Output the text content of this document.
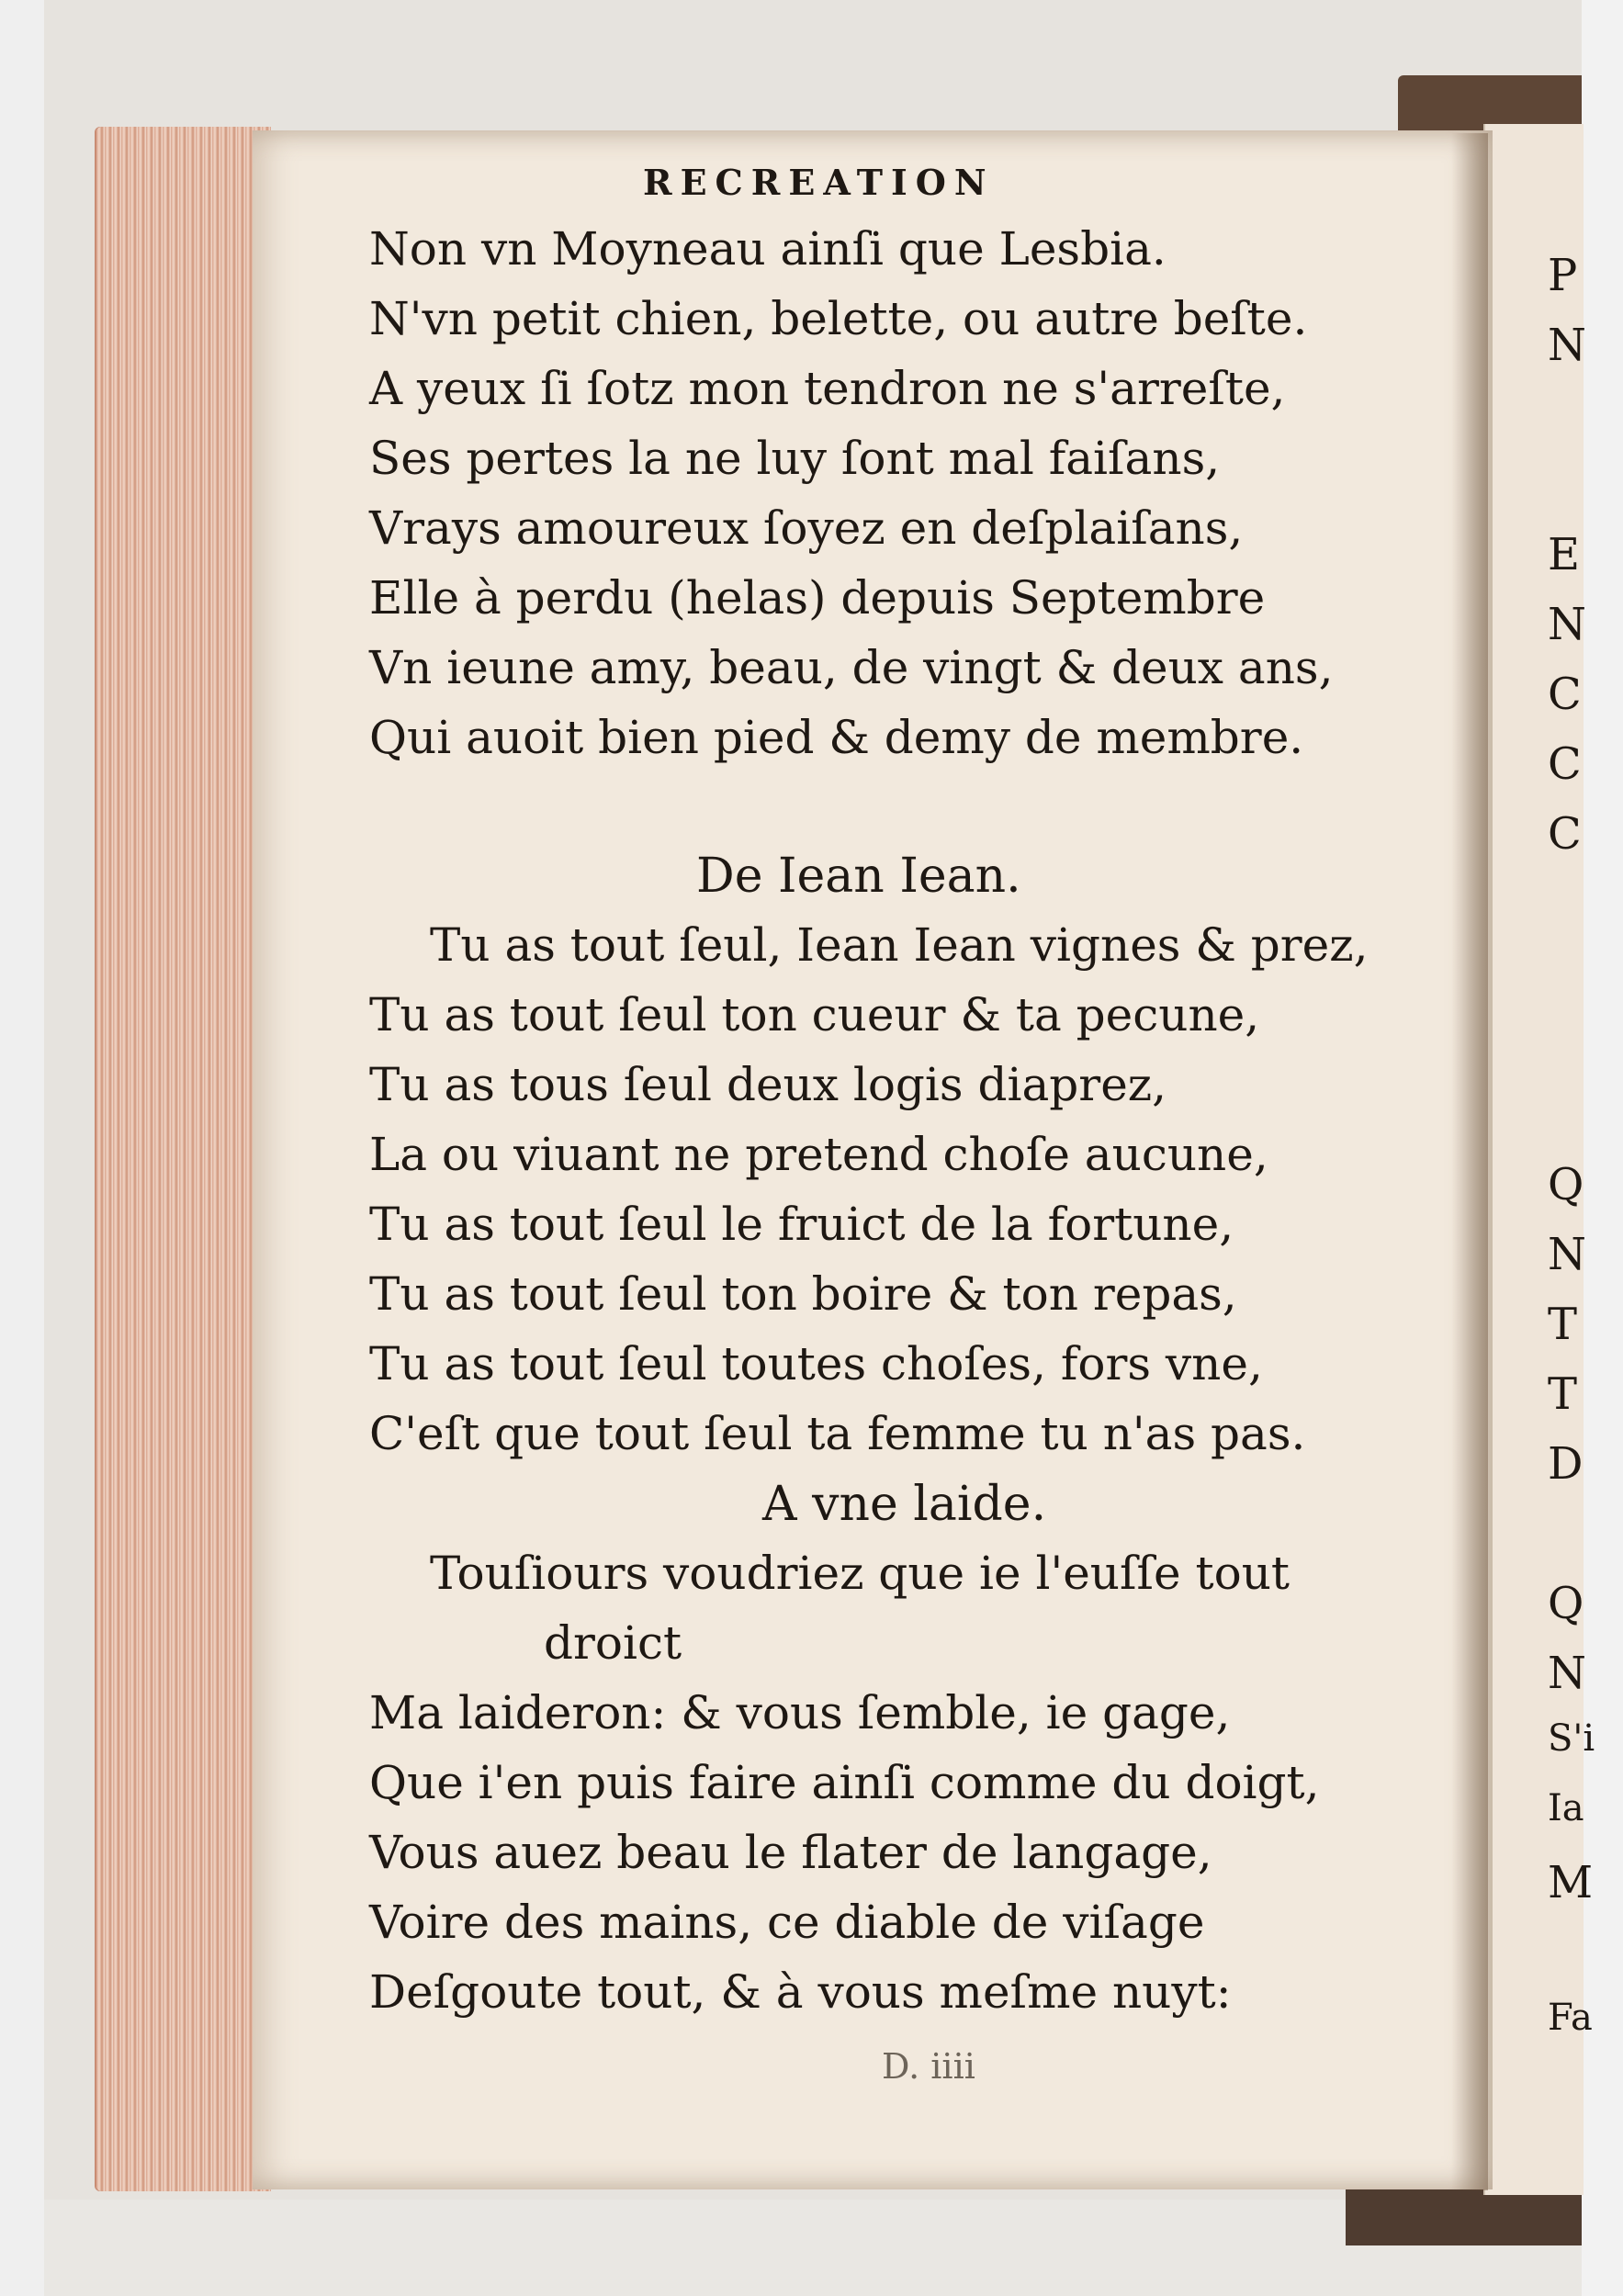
RECREATION
Non vn Moyneau ainſi que Lesbia.
N'vn petit chien, belette, ou autre beſte.
A yeux ſi ſotz mon tendron ne s'arreſte,
Ses pertes la ne luy ſont mal faiſans,
Vrays amoureux ſoyez en deſplaiſans,
Elle à perdu (helas) depuis Septembre
Vn ieune amy, beau, de vingt & deux ans,
Qui auoit bien pied & demy de membre.
De Iean Iean.
Tu as tout ſeul, Iean Iean vignes & prez,
Tu as tout ſeul ton cueur & ta pecune,
Tu as tous ſeul deux logis diaprez,
La ou viuant ne pretend choſe aucune,
Tu as tout ſeul le fruict de la fortune,
Tu as tout ſeul ton boire & ton repas,
Tu as tout ſeul toutes choſes, fors vne,
C'eſt que tout ſeul ta femme tu n'as pas.
A vne laide.
Touſiours voudriez que ie l'euſſe tout
droict
Ma laideron: & vous ſemble, ie gage,
Que i'en puis faire ainſi comme du doigt,
Vous auez beau le flater de langage,
Voire des mains, ce diable de viſage
Deſgoute tout, & à vous meſme nuyt:
D. iiii
P
N
E
N
C
C
C
Q
N
T
T
D
Q
N
S'i
Ia
M
Fa
